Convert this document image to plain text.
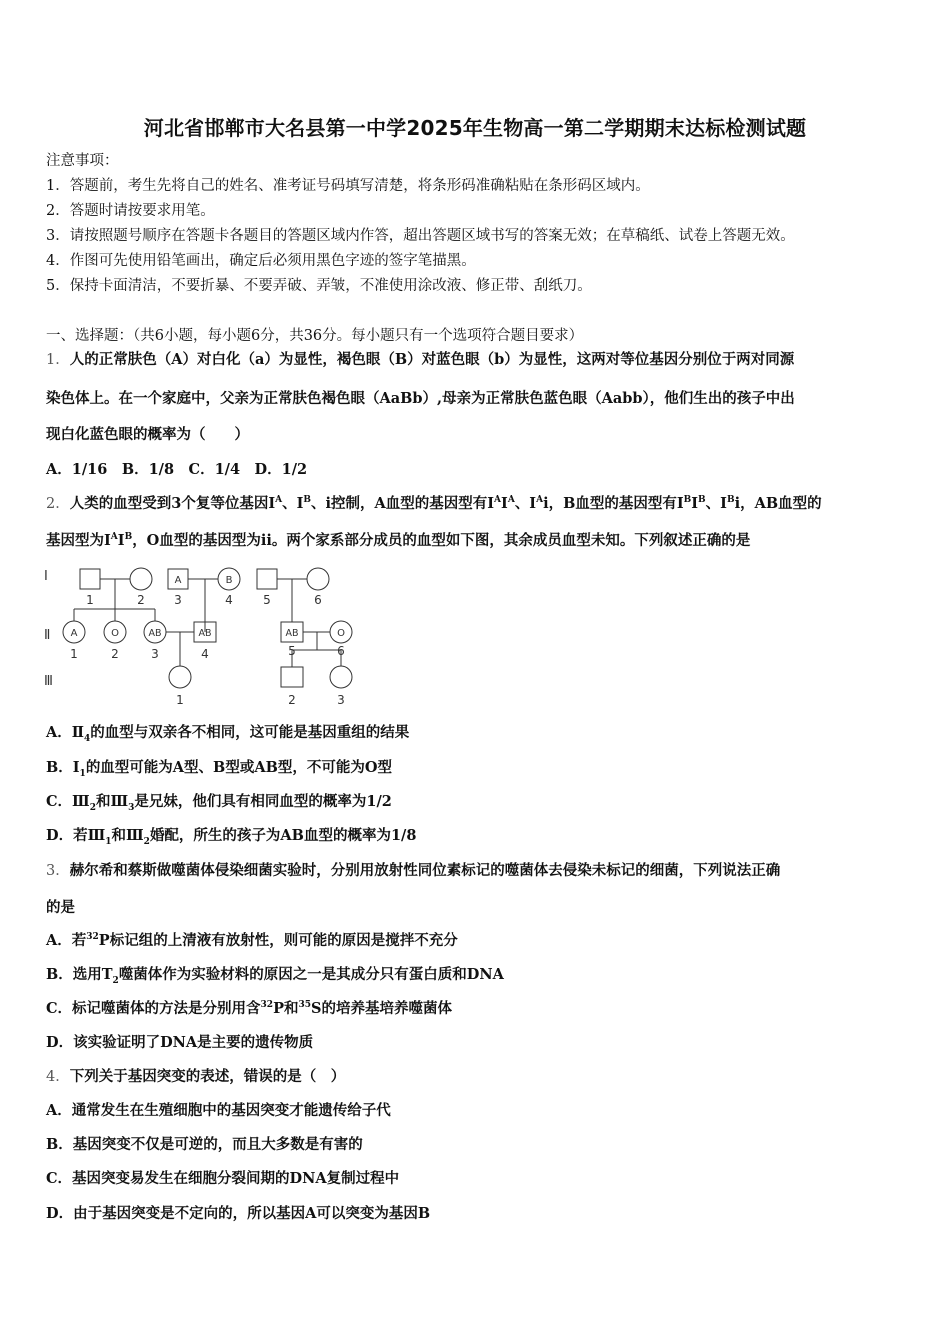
河北省邯郸市大名县第一中学2025年生物高一第二学期期末达标检测试题
注意事项：
1．答题前，考生先将自己的姓名、准考证号码填写清楚，将条形码准确粘贴在条形码区域内。
2．答题时请按要求用笔。
3．请按照题号顺序在答题卡各题目的答题区域内作答，超出答题区域书写的答案无效；在草稿纸、试卷上答题无效。
4．作图可先使用铅笔画出，确定后必须用黑色字迹的签字笔描黑。
5．保持卡面清洁，不要折暴、不要弄破、弄皱，不准使用涂改液、修正带、刮纸刀。
一、选择题：（共6小题，每小题6分，共36分。每小题只有一个选项符合题目要求）
1．人的正常肤色（A）对白化（a）为显性，褐色眼（B）对蓝色眼（b）为显性，这两对等位基因分别位于两对同源
染色体上。在一个家庭中，父亲为正常肤色褐色眼（AaBb）,母亲为正常肤色蓝色眼（Aabb），他们生出的孩子中出
现白化蓝色眼的概率为（　　）
A．1/16　B．1/8　C．1/4　D．1/2
2．人类的血型受到3个复等位基因$I^A$、$I^B$、i控制，A血型的基因型有$I^AI^A$、$I^Ai$，B血型的基因型有$I^BI^B$、$I^Bi$，AB血型的
基因型为$I^AI^B$，O血型的基因型为ii。两个家系部分成员的血型如下图，其余成员血型未知。下列叙述正确的是
Ⅰ
Ⅱ
Ⅲ
A	B
A	O	AB	AB	AB	O
1	2 3	4	5	6
1	2	3	4	5	6
1	2	3
A．$Ⅱ_4$的血型与双亲各不相同，这可能是基因重组的结果
B．$I_1$的血型可能为A型、B型或AB型，不可能为O型
C．$Ⅲ_2$和$Ⅲ_3$是兄妹，他们具有相同血型的概率为1/2
D．若$Ⅲ_1$和$Ⅲ_2$婚配，所生的孩子为AB血型的概率为1/8
3．赫尔希和蔡斯做噬菌体侵染细菌实验时，分别用放射性同位素标记的噬菌体去侵染未标记的细菌，下列说法正确
的是
A．若$^{32}$P标记组的上清液有放射性，则可能的原因是搅拌不充分
B．选用$T_2$噬菌体作为实验材料的原因之一是其成分只有蛋白质和DNA
C．标记噬菌体的方法是分别用含$^{32}$P和$^{35}$S的培养基培养噬菌体
D．该实验证明了DNA是主要的遗传物质
4．下列关于基因突变的表述，错误的是（　）
A．通常发生在生殖细胞中的基因突变才能遗传给子代
B．基因突变不仅是可逆的，而且大多数是有害的
C．基因突变易发生在细胞分裂间期的DNA复制过程中
D．由于基因突变是不定向的，所以基因A可以突变为基因B
